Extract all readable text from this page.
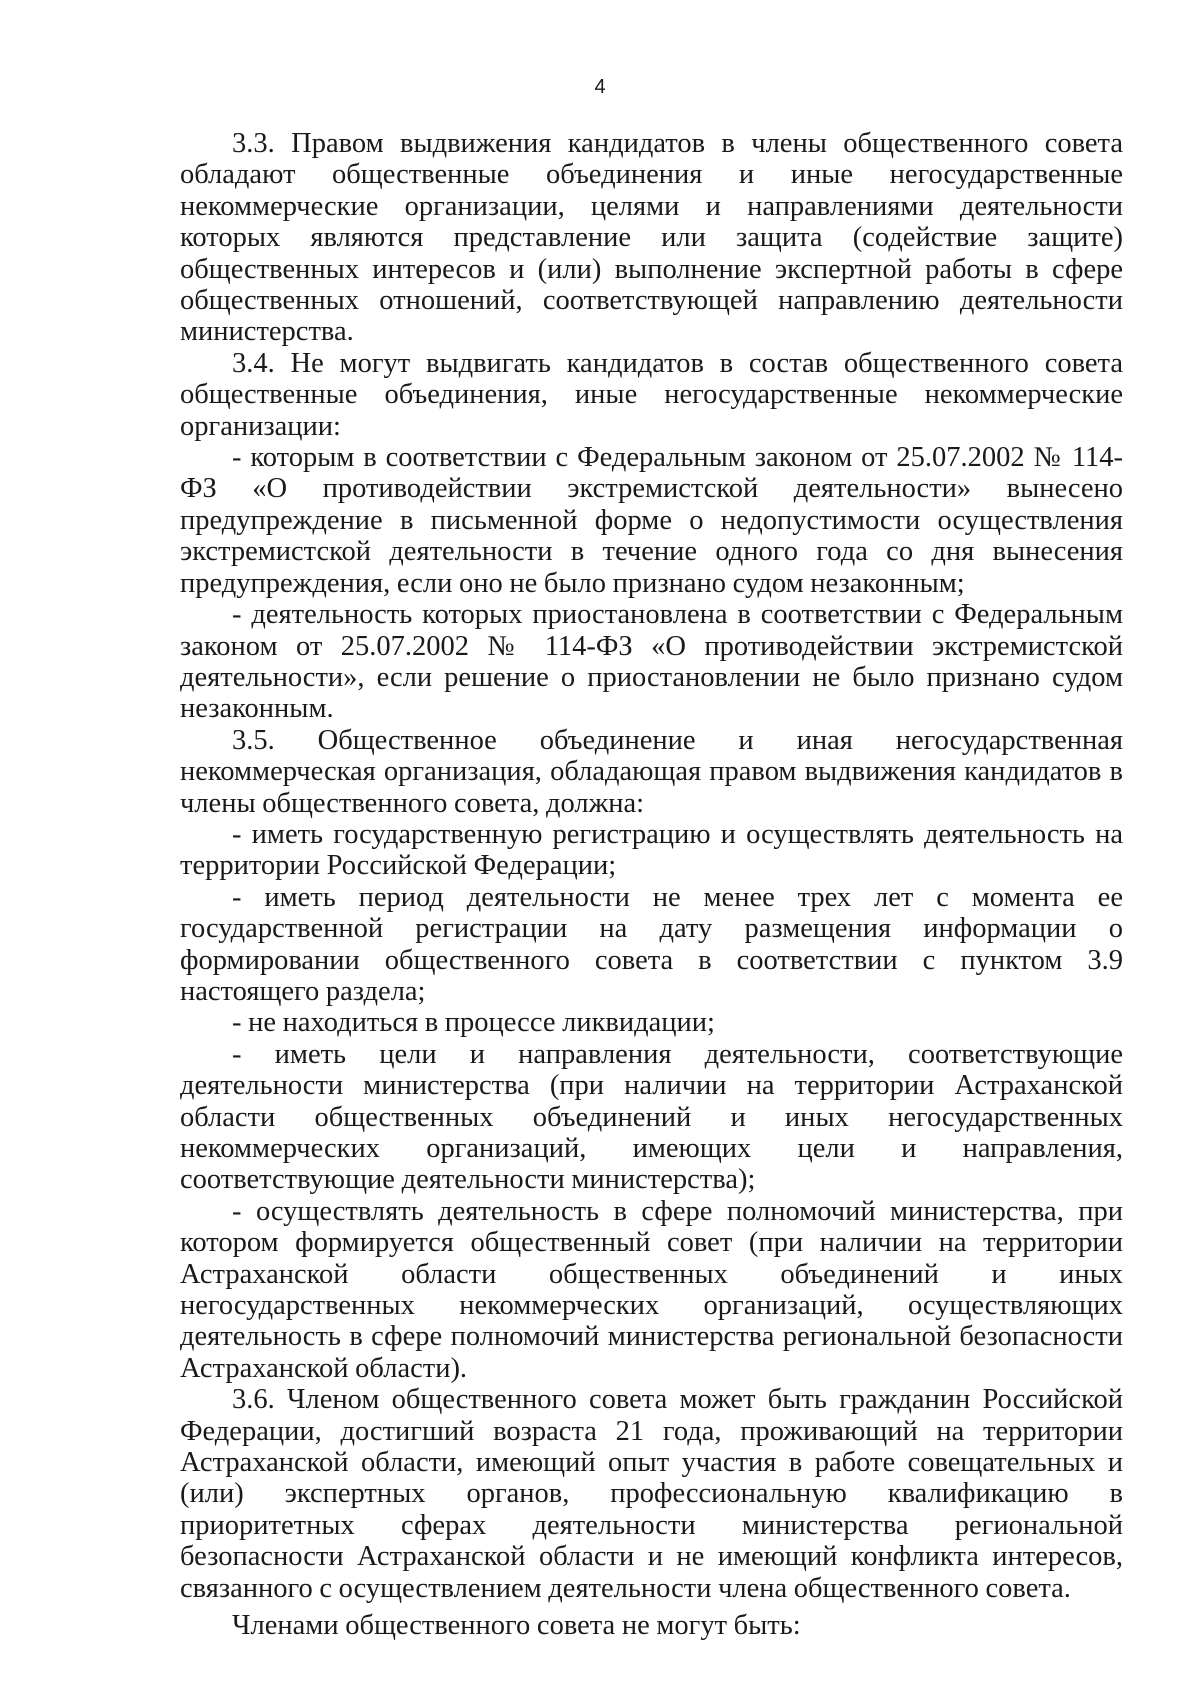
4

3.3. Правом выдвижения кандидатов в члены общественного совета обладают общественные объединения и иные негосударственные некоммерческие организации, целями и направлениями деятельности которых являются представление или защита (содействие защите) общественных интересов и (или) выполнение экспертной работы в сфере общественных отношений, соответствующей направлению деятельности министерства.

3.4. Не могут выдвигать кандидатов в состав общественного совета общественные объединения, иные негосударственные некоммерческие организации:

- которым в соответствии с Федеральным законом от 25.07.2002 № 114-ФЗ «О противодействии экстремистской деятельности» вынесено предупреждение в письменной форме о недопустимости осуществления экстремистской деятельности в течение одного года со дня вынесения предупреждения, если оно не было признано судом незаконным;

- деятельность которых приостановлена в соответствии с Федеральным законом от 25.07.2002 № 114-ФЗ «О противодействии экстремистской деятельности», если решение о приостановлении не было признано судом незаконным.

3.5. Общественное объединение и иная негосударственная некоммерческая организация, обладающая правом выдвижения кандидатов в члены общественного совета, должна:

- иметь государственную регистрацию и осуществлять деятельность на территории Российской Федерации;

- иметь период деятельности не менее трех лет с момента ее государственной регистрации на дату размещения информации о формировании общественного совета в соответствии с пунктом 3.9 настоящего раздела;

- не находиться в процессе ликвидации;

- иметь цели и направления деятельности, соответствующие деятельности министерства (при наличии на территории Астраханской области общественных объединений и иных негосударственных некоммерческих организаций, имеющих цели и направления, соответствующие деятельности министерства);

- осуществлять деятельность в сфере полномочий министерства, при котором формируется общественный совет (при наличии на территории Астраханской области общественных объединений и иных негосударственных некоммерческих организаций, осуществляющих деятельность в сфере полномочий министерства региональной безопасности Астраханской области).

3.6. Членом общественного совета может быть гражданин Российской Федерации, достигший возраста 21 года, проживающий на территории Астраханской области, имеющий опыт участия в работе совещательных и (или) экспертных органов, профессиональную квалификацию в приоритетных сферах деятельности министерства региональной безопасности Астраханской области и не имеющий конфликта интересов, связанного с осуществлением деятельности члена общественного совета.

Членами общественного совета не могут быть:
